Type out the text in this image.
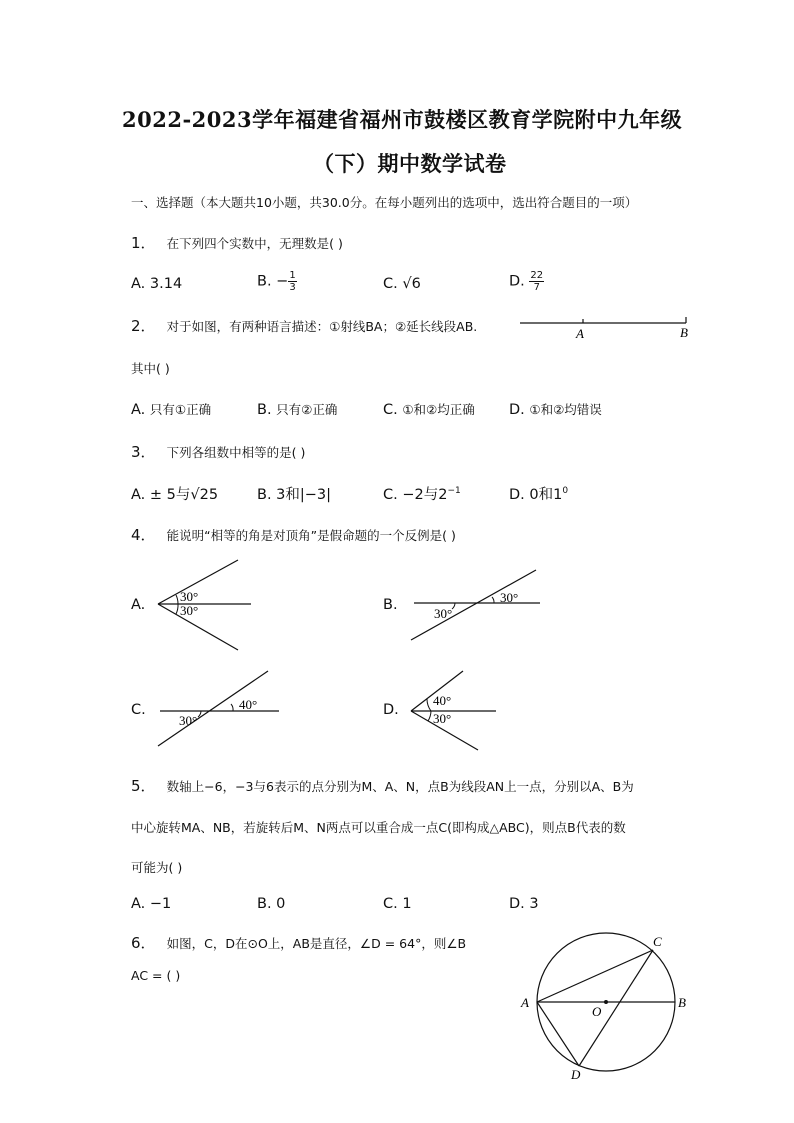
2022-2023学年福建省福州市鼓楼区教育学院附中九年级
（下）期中数学试卷
一、选择题（本大题共10小题，共30.0分。在每小题列出的选项中，选出符合题目的一项）
1． 在下列四个实数中，无理数是( )
A. 3.14	B. − $\frac{1}{3}$	C. √6	D. $\frac{22}{7}$
2． 对于如图，有两种语言描述：①射线BA；②延长线段AB.	A	B
其中( )
A. 只有①正确	B. 只有②正确	C. ①和②均正确 D. ①和②均错误
3． 下列各组数中相等的是( )
A. ± 5与√25	B. 3和|−3|	C. −2与$2^{-1}$	D. 0和$1^0$
4． 能说明“相等的角是对顶角”是假命题的一个反例是( )
A.
30°
30°	B.	30°
30°
C.	40°
30°
D.
40°
30°
5． 数轴上−6，−3与6表示的点分别为M、A、N，点B为线段AN上一点，分别以A、B为
中心旋转MA、NB，若旋转后M、N两点可以重合成一点C(即构成△ABC)，则点B代表的数
可能为( )
A. −1	B. 0	C. 1	D. 3
6． 如图，C，D在⊙O上，AB是直径，∠D = 64°，则∠B
AC = ( )
A	B
C
D
O
